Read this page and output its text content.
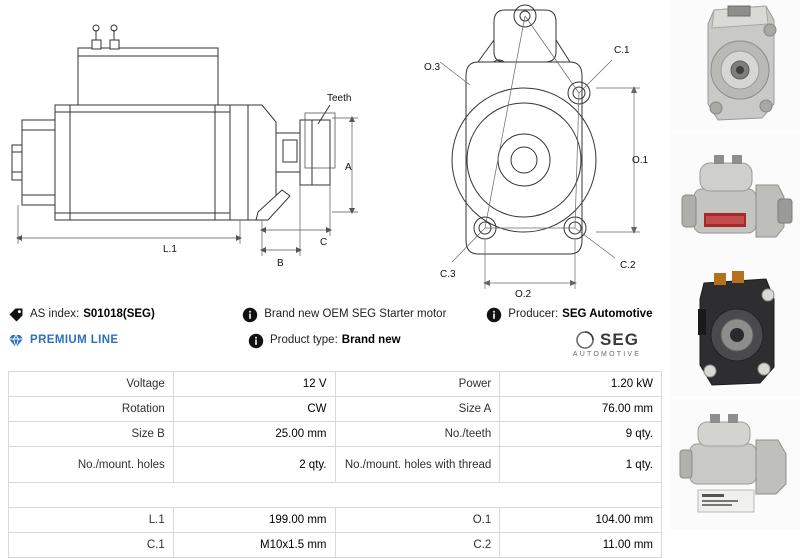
Teeth
A
L.1
B
C
O.1
O.2
O.3
C.1
C.2
C.3
AS index: S01018(SEG)	Brand new OEM SEG Starter motor	Producer: SEG Automotive
PREMIUM LINE	Product type: Brand new	SEG
AUTOMOTIVE
Voltage	12 V	Power	1.20 kW
Rotation	CW	Size A	76.00 mm
Size B	25.00 mm	No./teeth	9 qty.
No./mount. holes	2 qty.	No./mount. holes with thread	1 qty.

L.1	199.00 mm	O.1	104.00 mm
C.1	M10x1.5 mm	C.2	11.00 mm
